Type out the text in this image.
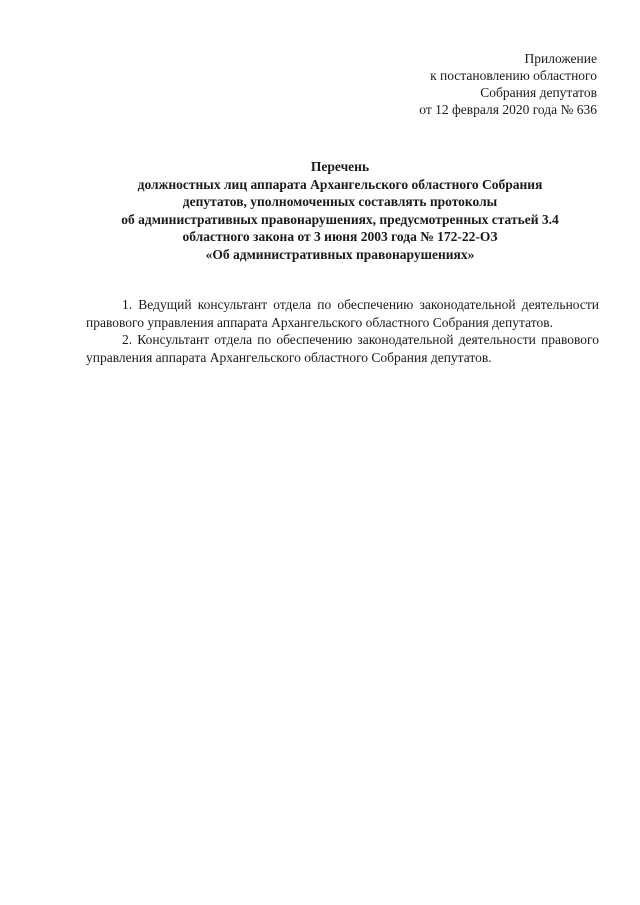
Приложение
к постановлению областного
Собрания депутатов
от 12 февраля 2020 года № 636
Перечень
должностных лиц аппарата Архангельского областного Собрания
депутатов, уполномоченных составлять протоколы
об административных правонарушениях, предусмотренных статьей 3.4
областного закона от 3 июня 2003 года № 172-22-ОЗ
«Об административных правонарушениях»

1. Ведущий консультант отдела по обеспечению законодательной деятельности правового управления аппарата Архангельского областного Собрания депутатов.

2. Консультант отдела по обеспечению законодательной деятельности правового управления аппарата Архангельского областного Собрания депутатов.
